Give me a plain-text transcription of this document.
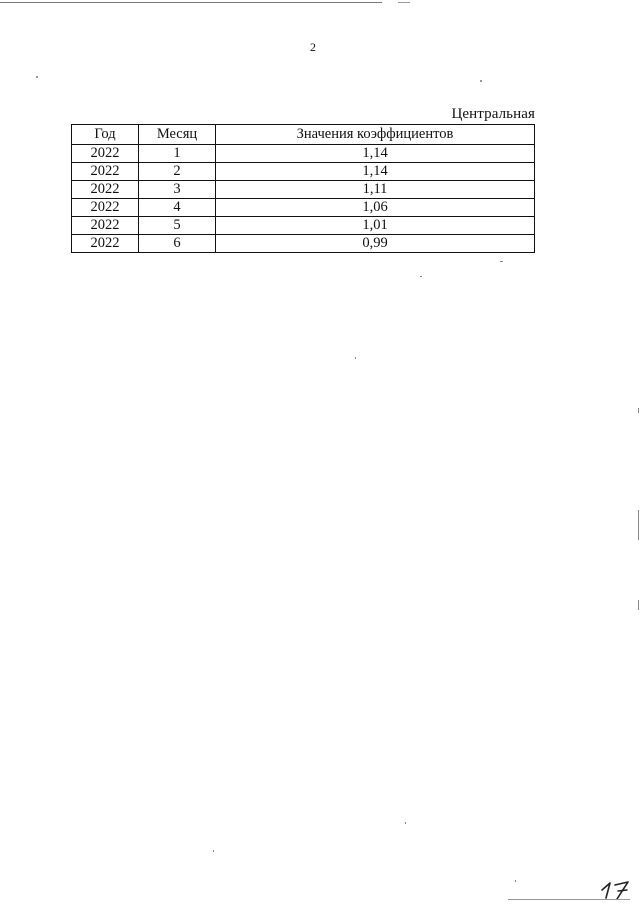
2
Центральная
Год	Месяц	Значения коэффициентов
2022	1	1,14
2022	2	1,14
2022	3	1,11
2022	4	1,06
2022	5	1,01
2022	6	0,99
